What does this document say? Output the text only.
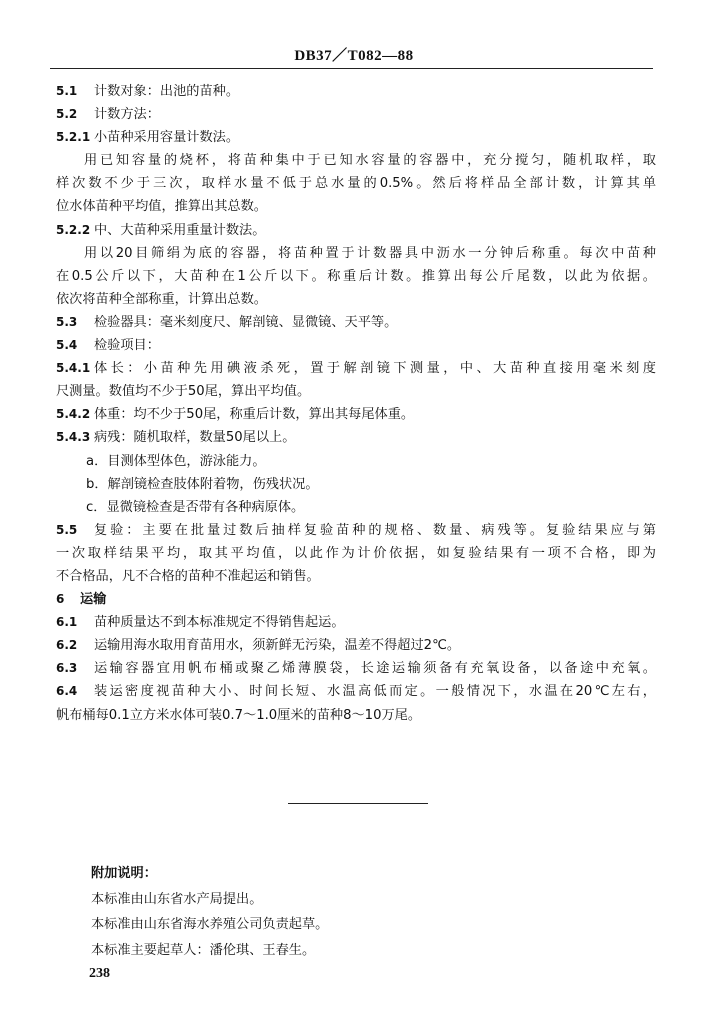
DB37／T082—88
5.1 计数对象：出池的苗种。
5.2 计数方法：
5.2.1 小苗种采用容量计数法。
用已知容量的烧杯，将苗种集中于已知水容量的容器中，充分搅匀，随机取样，取
样次数不少于三次，取样水量不低于总水量的0.5%。然后将样品全部计数，计算其单
位水体苗种平均值，推算出其总数。
5.2.2 中、大苗种采用重量计数法。
用以20目筛绢为底的容器，将苗种置于计数器具中沥水一分钟后称重。每次中苗种
在0.5公斤以下，大苗种在1公斤以下。称重后计数。推算出每公斤尾数，以此为依据。
依次将苗种全部称重，计算出总数。
5.3 检验器具：毫米刻度尺、解剖镜、显微镜、天平等。
5.4 检验项目：
5.4.1 体长：小苗种先用碘液杀死，置于解剖镜下测量，中、大苗种直接用毫米刻度
尺测量。数值均不少于50尾，算出平均值。
5.4.2 体重：均不少于50尾，称重后计数，算出其每尾体重。
5.4.3 病残：随机取样，数量50尾以上。
a．目测体型体色，游泳能力。
b．解剖镜检查肢体附着物，伤残状况。
c．显微镜检查是否带有各种病原体。
5.5 复验：主要在批量过数后抽样复验苗种的规格、数量、病残等。复验结果应与第
一次取样结果平均，取其平均值，以此作为计价依据，如复验结果有一项不合格，即为
不合格品，凡不合格的苗种不准起运和销售。
6 运输
6.1 苗种质量达不到本标准规定不得销售起运。
6.2 运输用海水取用育苗用水，须新鲜无污染，温差不得超过2℃。
6.3 运输容器宜用帆布桶或聚乙烯薄膜袋，长途运输须备有充氧设备，以备途中充氧。
6.4 装运密度视苗种大小、时间长短、水温高低而定。一般情况下，水温在20℃左右，
帆布桶每0.1立方米水体可装0.7～1.0厘米的苗种8～10万尾。
附加说明：
本标准由山东省水产局提出。
本标准由山东省海水养殖公司负责起草。
本标准主要起草人：潘伦琪、王春生。
238
